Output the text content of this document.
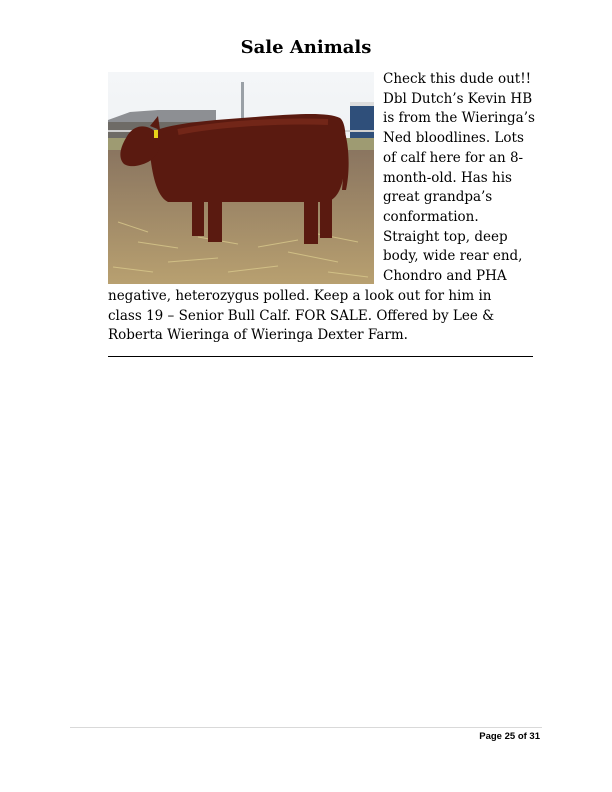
Sale Animals
Check this dude out!!
Dbl Dutch’s Kevin HB
is from the Wieringa’s
Ned bloodlines. Lots
of calf here for an 8-
month-old. Has his
great grandpa’s
conformation.
Straight top, deep
body, wide rear end,
Chondro and PHA
negative, heterozygus polled. Keep a look out for him in
class 19 – Senior Bull Calf. FOR SALE. Offered by Lee &
Roberta Wieringa of Wieringa Dexter Farm.
Page 25 of 31
